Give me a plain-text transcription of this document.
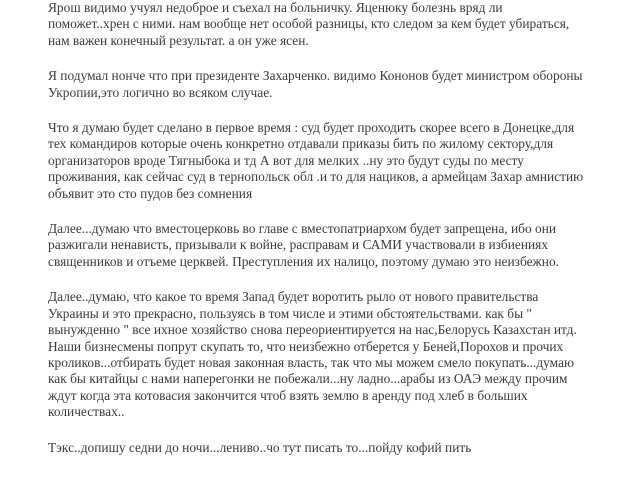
Ярош видимо учуял недоброе и съехал на больничку. Яценюку болезнь вряд ли
поможет..хрен с ними. нам вообще нет особой разницы, кто следом за кем будет убираться,
нам важен конечный результат. а он уже ясен.

Я подумал нонче что при президенте Захарченко. видимо Кононов будет министром обороны
Укропии,это логично во всяком случае.

Что я думаю будет сделано в первое время : суд будет проходить скорее всего в Донецке,для
тех командиров которые очень конкретно отдавали приказы бить по жилому сектору,для
организаторов вроде Тягныбока и тд А вот для мелких ..ну это будут суды по месту
проживания, как сейчас суд в тернопольск обл .и то для нациков, а армейцам Захар амнистию
объявит это сто пудов без сомнения

Далее...думаю что вместоцерковь во главе с вместопатриархом будет запрещена, ибо они
разжигали ненависть, призывали к войне, расправам и САМИ участвовали в избиениях
священников и отъеме церквей. Преступления их налицо, поэтому думаю это неизбежно.

Далее..думаю, что какое то время Запад будет воротить рыло от нового правительства
Украины и это прекрасно, пользуясь в том числе и этими обстоятельствами. как бы "
вынужденно " все ихное хозяйство снова переориентируется на нас,Белорусь Казахстан итд.
Наши бизнесмены попрут скупать то, что неизбежно отберется у Беней,Порохов и прочих
кроликов...отбирать будет новая законная власть, так что мы можем смело покупать...думаю
как бы китайцы с нами наперегонки не побежали...ну ладно...арабы из ОАЭ между прочим
ждут когда эта котовасия закончится чтоб взять землю в аренду под хлеб в больших
количествах..

Тэкс..допишу седни до ночи...лениво..чо тут писать то...пойду кофий пить
